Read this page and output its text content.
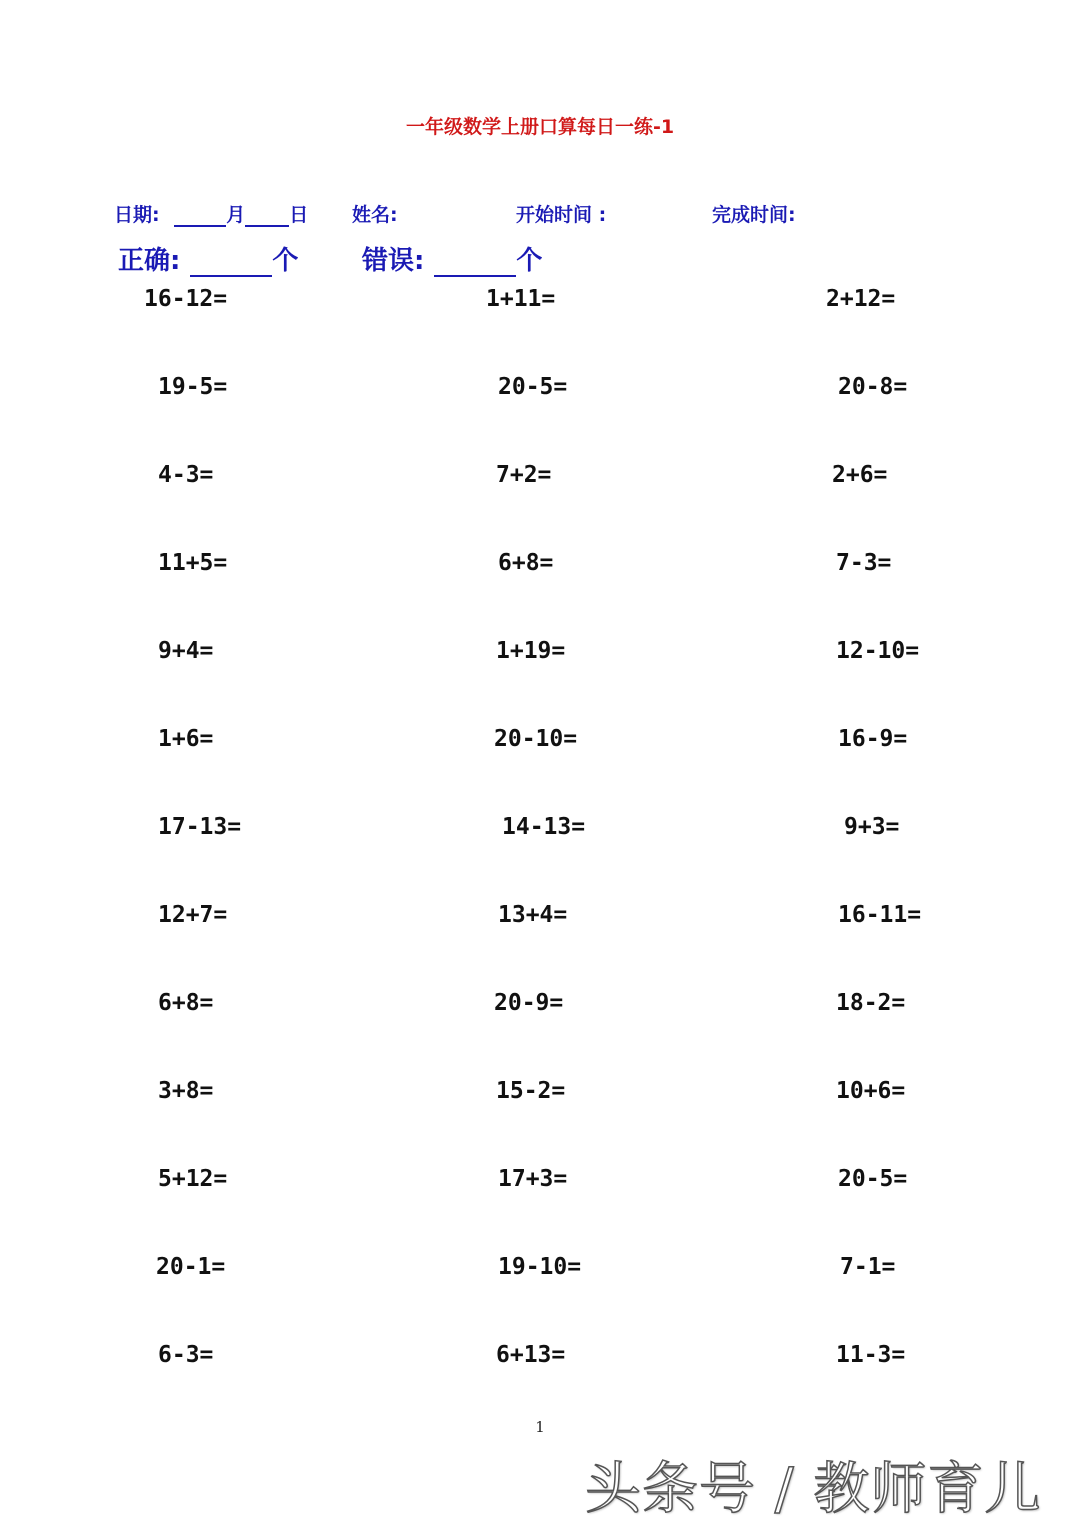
一年级数学上册口算每日一练-1
日期:	月 日 姓名:	开始时间 :	完成时间:
正确:	个 错误:	个
16-12=	1+11=	2+12=
19-5=	20-5=	20-8=
4-3=	7+2=	2+6=
11+5=	6+8=	7-3=
9+4=	1+19=	12-10=
1+6=	20-10=	16-9=
17-13=	14-13=	9+3=
12+7=	13+4=	16-11=
6+8=	20-9=	18-2=
3+8=	15-2=	10+6=
5+12=	17+3=	20-5=
20-1=	19-10=	7-1=
6-3=	6+13=	11-3=
1
头条号 / 教师育儿
